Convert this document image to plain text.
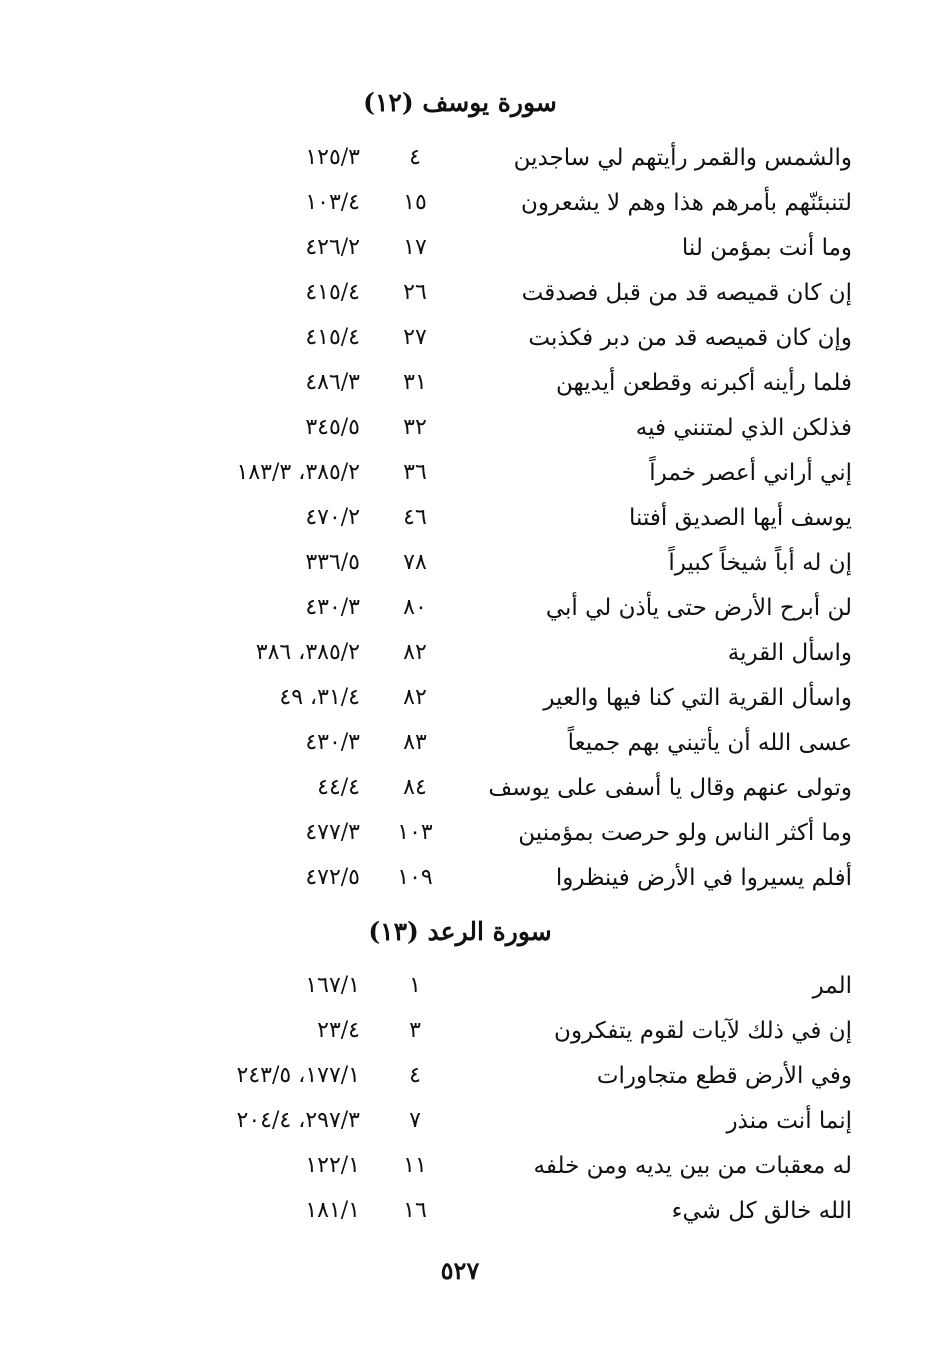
سورة يوسف (١٢)
والشمس والقمر رأيتهم لي ساجدين
٤
١٢٥/٣
لتنبئنّهم بأمرهم هذا وهم لا يشعرون
١٥
١٠٣/٤
وما أنت بمؤمن لنا
١٧
٤٢٦/٢
إن كان قميصه قد من قبل فصدقت
٢٦
٤١٥/٤
وإن كان قميصه قد من دبر فكذبت
٢٧
٤١٥/٤
فلما رأينه أكبرنه وقطعن أيديهن
٣١
٤٨٦/٣
فذلكن الذي لمتنني فيه
٣٢
٣٤٥/٥
إني أراني أعصر خمراً
٣٦
٣٨٥/٢، ١٨٣/٣
يوسف أيها الصديق أفتنا
٤٦
٤٧٠/٢
إن له أباً شيخاً كبيراً
٧٨
٣٣٦/٥
لن أبرح الأرض حتى يأذن لي أبي
٨٠
٤٣٠/٣
واسأل القرية
٨٢
٣٨٥/٢، ٣٨٦
واسأل القرية التي كنا فيها والعير
٨٢
٣١/٤، ٤٩
عسى الله أن يأتيني بهم جميعاً
٨٣
٤٣٠/٣
وتولى عنهم وقال يا أسفى على يوسف
٨٤
٤٤/٤
وما أكثر الناس ولو حرصت بمؤمنين
١٠٣
٤٧٧/٣
أفلم يسيروا في الأرض فينظروا
١٠٩
٤٧٢/٥
سورة الرعد (١٣)
المر
١
١٦٧/١
إن في ذلك لآيات لقوم يتفكرون
٣
٢٣/٤
وفي الأرض قطع متجاورات
٤
١٧٧/١، ٢٤٣/٥
إنما أنت منذر
٧
٢٩٧/٣، ٢٠٤/٤
له معقبات من بين يديه ومن خلفه
١١
١٢٢/١
الله خالق كل شيء
١٦
١٨١/١
٥٢٧
